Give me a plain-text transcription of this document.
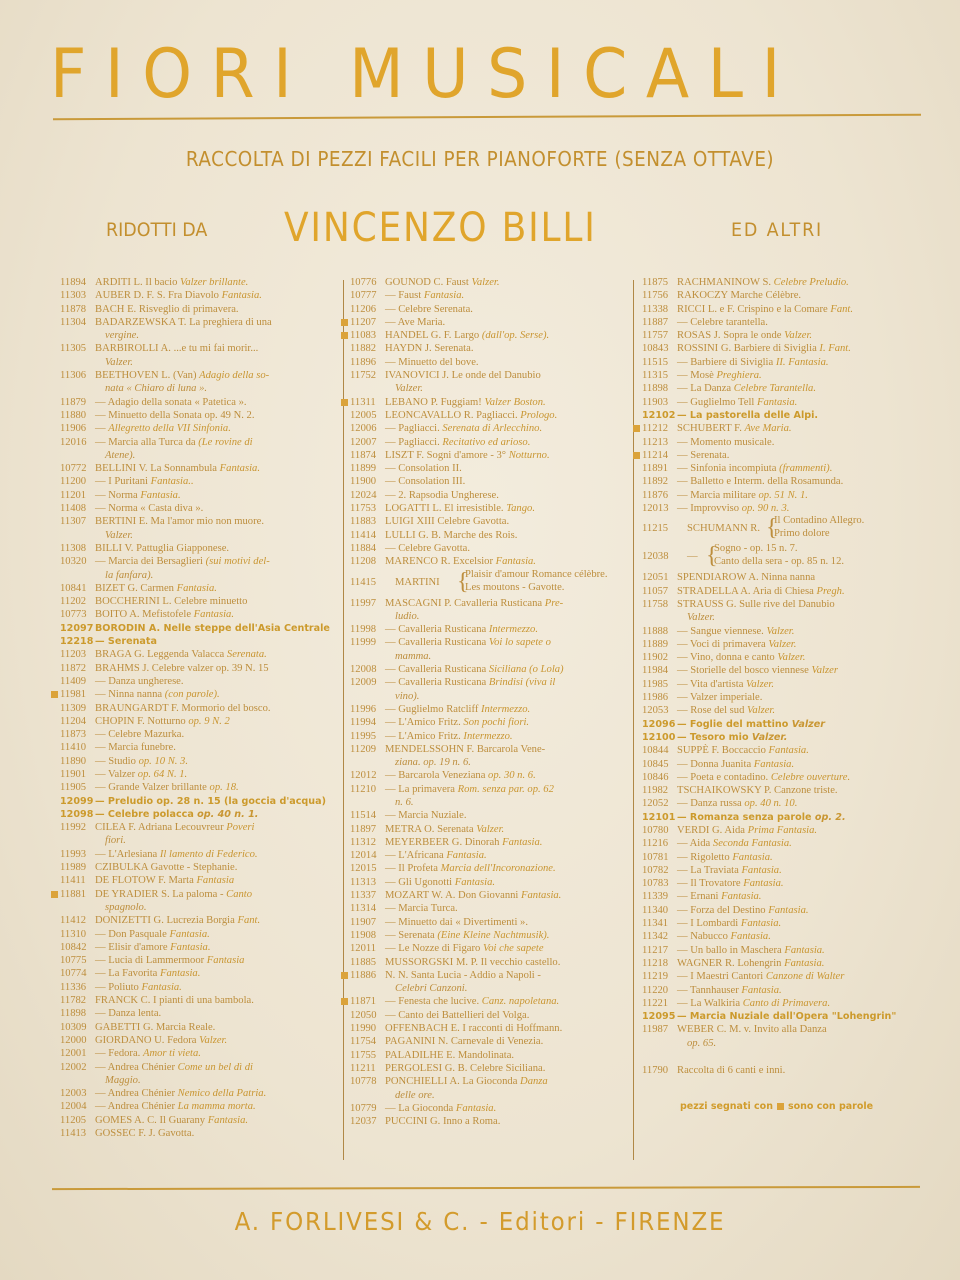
FIORI MUSICALI
RACCOLTA DI PEZZI FACILI PER PIANOFORTE (SENZA OTTAVE)
RIDOTTI DA VINCENZO BILLI	ED ALTRI
11894 ARDITI L. Il bacio Valzer brillante.
11303 AUBER D. F. S. Fra Diavolo Fantasia.
11878 BACH E. Risveglio di primavera.
11304 BADARZEWSKA T. La preghiera di una
vergine.
11305 BARBIROLLI A. ...e tu mi fai morir...
Valzer.
11306 BEETHOVEN L. (Van) Adagio della so-
nata « Chiaro di luna ».
11879 — Adagio della sonata « Patetica ».
11880 — Minuetto della Sonata op. 49 N. 2.
11906 — Allegretto della VII Sinfonia.
12016 — Marcia alla Turca da (Le rovine di
Atene).
10772 BELLINI V. La Sonnambula Fantasia.
11200 — I Puritani Fantasia..
11201 — Norma Fantasia.
11408 — Norma « Casta diva ».
11307 BERTINI E. Ma l'amor mio non muore.
Valzer.
11308 BILLI V. Pattuglia Giapponese.
10320 — Marcia dei Bersaglieri (sui motivi del-
la fanfara).
10841 BIZET G. Carmen Fantasia.
11202 BOCCHERINI L. Celebre minuetto
10773 BOITO A. Mefistofele Fantasia.
12097 BORODIN A. Nelle steppe dell'Asia Centrale
12218 — Serenata
11203 BRAGA G. Leggenda Valacca Serenata.
11872 BRAHMS J. Celebre valzer op. 39 N. 15
11409 — Danza ungherese.
11981 — Ninna nanna (con parole).
11309 BRAUNGARDT F. Mormorio del bosco.
11204 CHOPIN F. Notturno op. 9 N. 2
11873 — Celebre Mazurka.
11410 — Marcia funebre.
11890 — Studio op. 10 N. 3.
11901 — Valzer op. 64 N. 1.
11905 — Grande Valzer brillante op. 18.
12099 — Preludio op. 28 n. 15 (la goccia d'acqua)
12098 — Celebre polacca op. 40 n. 1.
11992 CILEA F. Adriana Lecouvreur Poveri
fiori.
11993 — L'Arlesiana Il lamento di Federico.
11989 CZIBULKA Gavotte - Stephanie.
11411 DE FLOTOW F. Marta Fantasia
11881 DE YRADIER S. La paloma - Canto
spagnolo.
11412 DONIZETTI G. Lucrezia Borgia Fant.
11310 — Don Pasquale Fantasia.
10842 — Elisir d'amore Fantasia.
10775 — Lucia di Lammermoor Fantasia
10774 — La Favorita Fantasia.
11336 — Poliuto Fantasia.
11782 FRANCK C. I pianti di una bambola.
11898 — Danza lenta.
10309 GABETTI G. Marcia Reale.
12000 GIORDANO U. Fedora Valzer.
12001 — Fedora. Amor ti vieta.
12002 — Andrea Chénier Come un bel dì di
Maggio.
12003 — Andrea Chénier Nemico della Patria.
12004 — Andrea Chénier La mamma morta.
11205 GOMES A. C. Il Guarany Fantasia.
11413 GOSSEC F. J. Gavotta.
10776 GOUNOD C. Faust Valzer.
10777 — Faust Fantasia.
11206 — Celebre Serenata.
11207 — Ave Maria.
11083 HANDEL G. F. Largo (dall'op. Serse).
11882 HAYDN J. Serenata.
11896 — Minuetto del bove.
11752 IVANOVICI J. Le onde del Danubio
Valzer.
11311 LEBANO P. Fuggiam! Valzer Boston.
12005 LEONCAVALLO R. Pagliacci. Prologo.
12006 — Pagliacci. Serenata di Arlecchino.
12007 — Pagliacci. Recitativo ed arioso.
11874 LISZT F. Sogni d'amore - 3° Notturno.
11899 — Consolation II.
11900 — Consolation III.
12024 — 2. Rapsodia Ungherese.
11753 LOGATTI L. El irresistible. Tango.
11883 LUIGI XIII Celebre Gavotta.
11414 LULLI G. B. Marche des Rois.
11884 — Celebre Gavotta.
11208 MARENCO R. Excelsior Fantasia.
11415 MARTINI {
Plaisir d'amour Romance célèbre.
Les moutons - Gavotte.
11997 MASCAGNI P. Cavalleria Rusticana Pre-
ludio.
11998 — Cavalleria Rusticana Intermezzo.
11999 — Cavalleria Rusticana Voi lo sapete o
mamma.
12008 — Cavalleria Rusticana Siciliana (o Lola)
12009 — Cavalleria Rusticana Brindisi (viva il
vino).
11996 — Guglielmo Ratcliff Intermezzo.
11994 — L'Amico Fritz. Son pochi fiori.
11995 — L'Amico Fritz. Intermezzo.
11209 MENDELSSOHN F. Barcarola Vene-
ziana. op. 19 n. 6.
12012 — Barcarola Veneziana op. 30 n. 6.
11210 — La primavera Rom. senza par. op. 62
n. 6.
11514 — Marcia Nuziale.
11897 METRA O. Serenata Valzer.
11312 MEYERBEER G. Dinorah Fantasia.
12014 — L'Africana Fantasia.
12015 — Il Profeta Marcia dell'Incoronazione.
11313 — Gli Ugonotti Fantasia.
11337 MOZART W. A. Don Giovanni Fantasia.
11314 — Marcia Turca.
11907 — Minuetto dai « Divertimenti ».
11908 — Serenata (Eine Kleine Nachtmusik).
12011 — Le Nozze di Figaro Voi che sapete
11885 MUSSORGSKI M. P. Il vecchio castello.
11886 N. N. Santa Lucia - Addio a Napoli -
Celebri Canzoni.
11871 — Fenesta che lucive. Canz. napoletana.
12050 — Canto dei Battellieri del Volga.
11990 OFFENBACH E. I racconti di Hoffmann.
11754 PAGANINI N. Carnevale di Venezia.
11755 PALADILHE E. Mandolinata.
11211 PERGOLESI G. B. Celebre Siciliana.
10778 PONCHIELLI A. La Gioconda Danza
delle ore.
10779 — La Gioconda Fantasia.
12037 PUCCINI G. Inno a Roma.
11875 RACHMANINOW S. Celebre Preludio.
11756 RAKOCZY Marche Célèbre.
11338 RICCI L. e F. Crispino e la Comare Fant.
11887 — Celebre tarantella.
11757 ROSAS J. Sopra le onde Valzer.
10843 ROSSINI G. Barbiere di Siviglia I. Fant.
11515 — Barbiere di Siviglia II. Fantasia.
11315 — Mosè Preghiera.
11898 — La Danza Celebre Tarantella.
11903 — Guglielmo Tell Fantasia.
12102 — La pastorella delle Alpi.
11212 SCHUBERT F. Ave Maria.
11213 — Momento musicale.
11214 — Serenata.
11891 — Sinfonia incompiuta (frammenti).
11892 — Balletto e Interm. della Rosamunda.
11876 — Marcia militare op. 51 N. 1.
12013 — Improvviso op. 90 n. 3.
11215 SCHUMANN R. {
Il Contadino Allegro.
Primo dolore
12038 — {
Sogno - op. 15 n. 7.
Canto della sera - op. 85 n. 12.
12051 SPENDIAROW A. Ninna nanna
11057 STRADELLA A. Aria di Chiesa Pregh.
11758 STRAUSS G. Sulle rive del Danubio
Valzer.
11888 — Sangue viennese. Valzer.
11889 — Voci di primavera Valzer.
11902 — Vino, donna e canto Valzer.
11984 — Storielle del bosco viennese Valzer
11985 — Vita d'artista Valzer.
11986 — Valzer imperiale.
12053 — Rose del sud Valzer.
12096 — Foglie del mattino Valzer
12100 — Tesoro mio Valzer.
10844 SUPPÈ F. Boccaccio Fantasia.
10845 — Donna Juanita Fantasia.
10846 — Poeta e contadino. Celebre ouverture.
11982 TSCHAIKOWSKY P. Canzone triste.
12052 — Danza russa op. 40 n. 10.
12101 — Romanza senza parole op. 2.
10780 VERDI G. Aida Prima Fantasia.
11216 — Aida Seconda Fantasia.
10781 — Rigoletto Fantasia.
10782 — La Traviata Fantasia.
10783 — Il Trovatore Fantasia.
11339 — Ernani Fantasia.
11340 — Forza del Destino Fantasia.
11341 — I Lombardi Fantasia.
11342 — Nabucco Fantasia.
11217 — Un ballo in Maschera Fantasia.
11218 WAGNER R. Lohengrin Fantasia.
11219 — I Maestri Cantori Canzone di Walter
11220 — Tannhauser Fantasia.
11221 — La Walkiria Canto di Primavera.
12095 — Marcia Nuziale dall'Opera "Lohengrin"
11987 WEBER C. M. v. Invito alla Danza
op. 65.
11790 Raccolta di 6 canti e inni.
pezzi segnati con sono con parole
A. FORLIVESI & C. - Editori - FIRENZE
